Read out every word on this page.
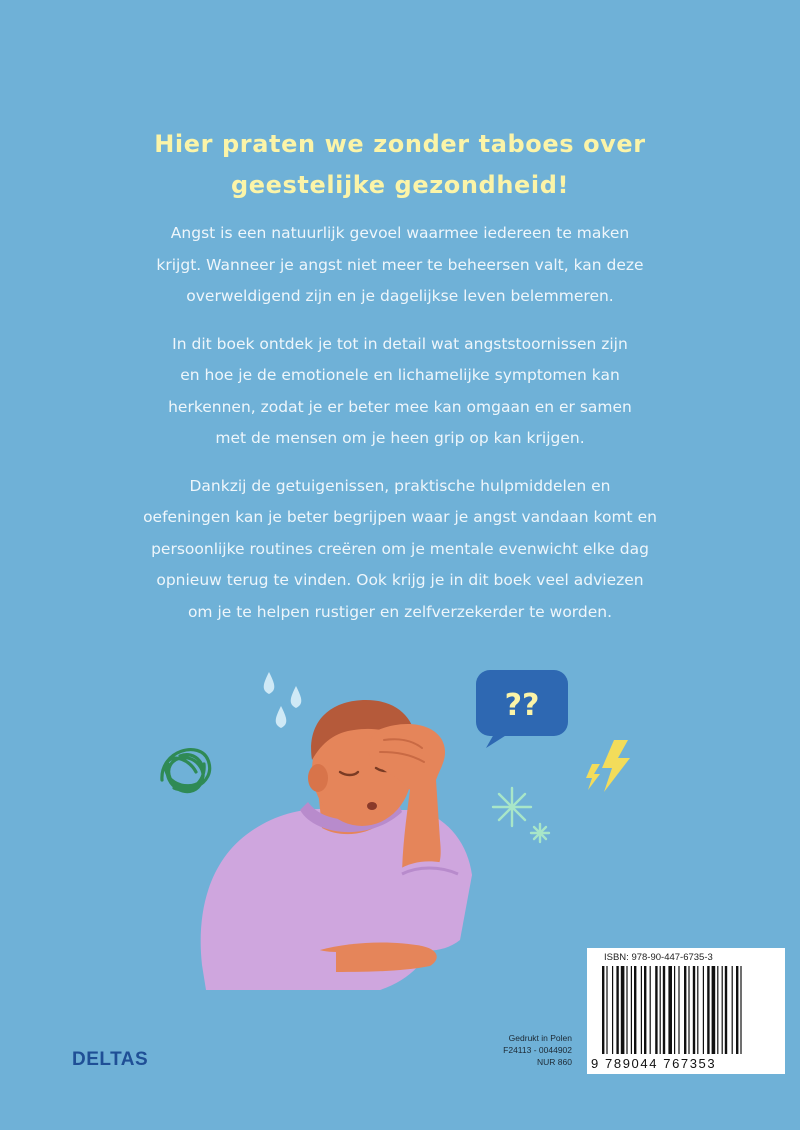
Hier praten we zonder taboes over
geestelijke gezondheid!
Angst is een natuurlijk gevoel waarmee iedereen te maken
krijgt. Wanneer je angst niet meer te beheersen valt, kan deze
overweldigend zijn en je dagelijkse leven belemmeren.
In dit boek ontdek je tot in detail wat angststoornissen zijn
en hoe je de emotionele en lichamelijke symptomen kan
herkennen, zodat je er beter mee kan omgaan en er samen
met de mensen om je heen grip op kan krijgen.
Dankzij de getuigenissen, praktische hulpmiddelen en
oefeningen kan je beter begrijpen waar je angst vandaan komt en
persoonlijke routines creëren om je mentale evenwicht elke dag
opnieuw terug te vinden. Ook krijg je in dit boek veel adviezen
om je te helpen rustiger en zelfverzekerder te worden.
??
ISBN: 978-90-447-6735-3
9 789044 767353
Gedrukt in Polen
F24113 - 0044902
NUR 860
DELTAS
